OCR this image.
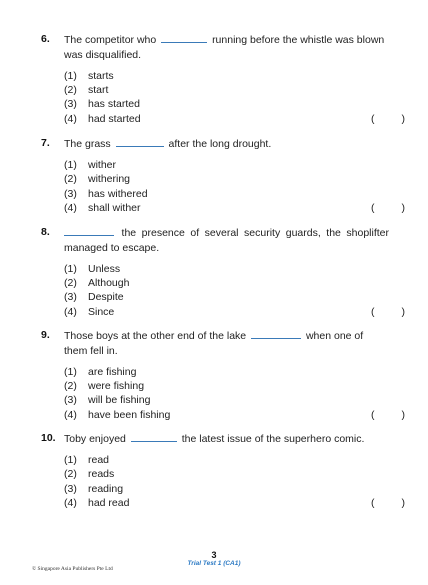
6. The competitor who	running before the whistle was blown was disqualified.
(1) starts
(2) start
(3) has started
(4) had started	(	)
7. The grass	after the long drought.
(1) wither
(2) withering
(3) has withered
(4) shall wither	(	)
8.	the presence of several security guards, the shoplifter managed to escape.
(1) Unless
(2) Although
(3) Despite
(4) Since	(	)
9. Those boys at the other end of the lake	when one of them fell in.
(1) are fishing
(2) were fishing
(3) will be fishing
(4) have been fishing	(	)
10. Toby enjoyed	the latest issue of the superhero comic.
(1) read
(2) reads
(3) reading
(4) had read	(	)
3
Trial Test 1 (CA1)
© Singapore Asia Publishers Pte Ltd
